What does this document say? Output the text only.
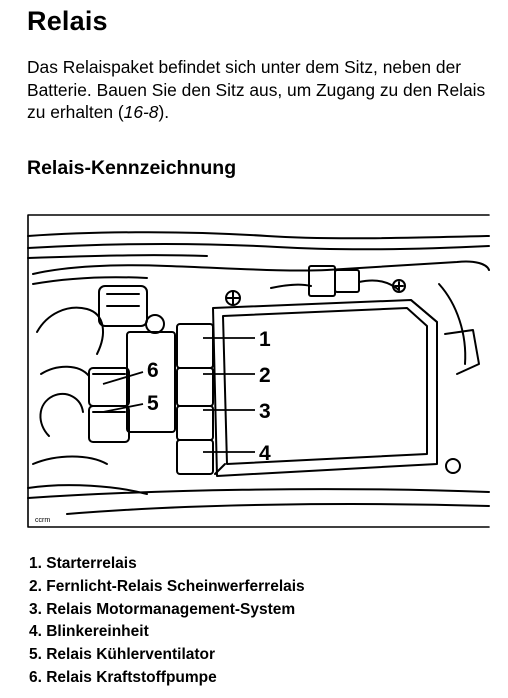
Relais

Das Relaispaket befindet sich unter dem Sitz, neben der Batterie. Bauen Sie den Sitz aus, um Zugang zu den Relais zu erhalten (16-8).

Relais-Kennzeichnung
1
2
3
4
6
5
ccrm
1. Starterrelais
2. Fernlicht-Relais Scheinwerferrelais
3. Relais Motormanagement-System
4. Blinkereinheit
5. Relais Kühlerventilator
6. Relais Kraftstoffpumpe
